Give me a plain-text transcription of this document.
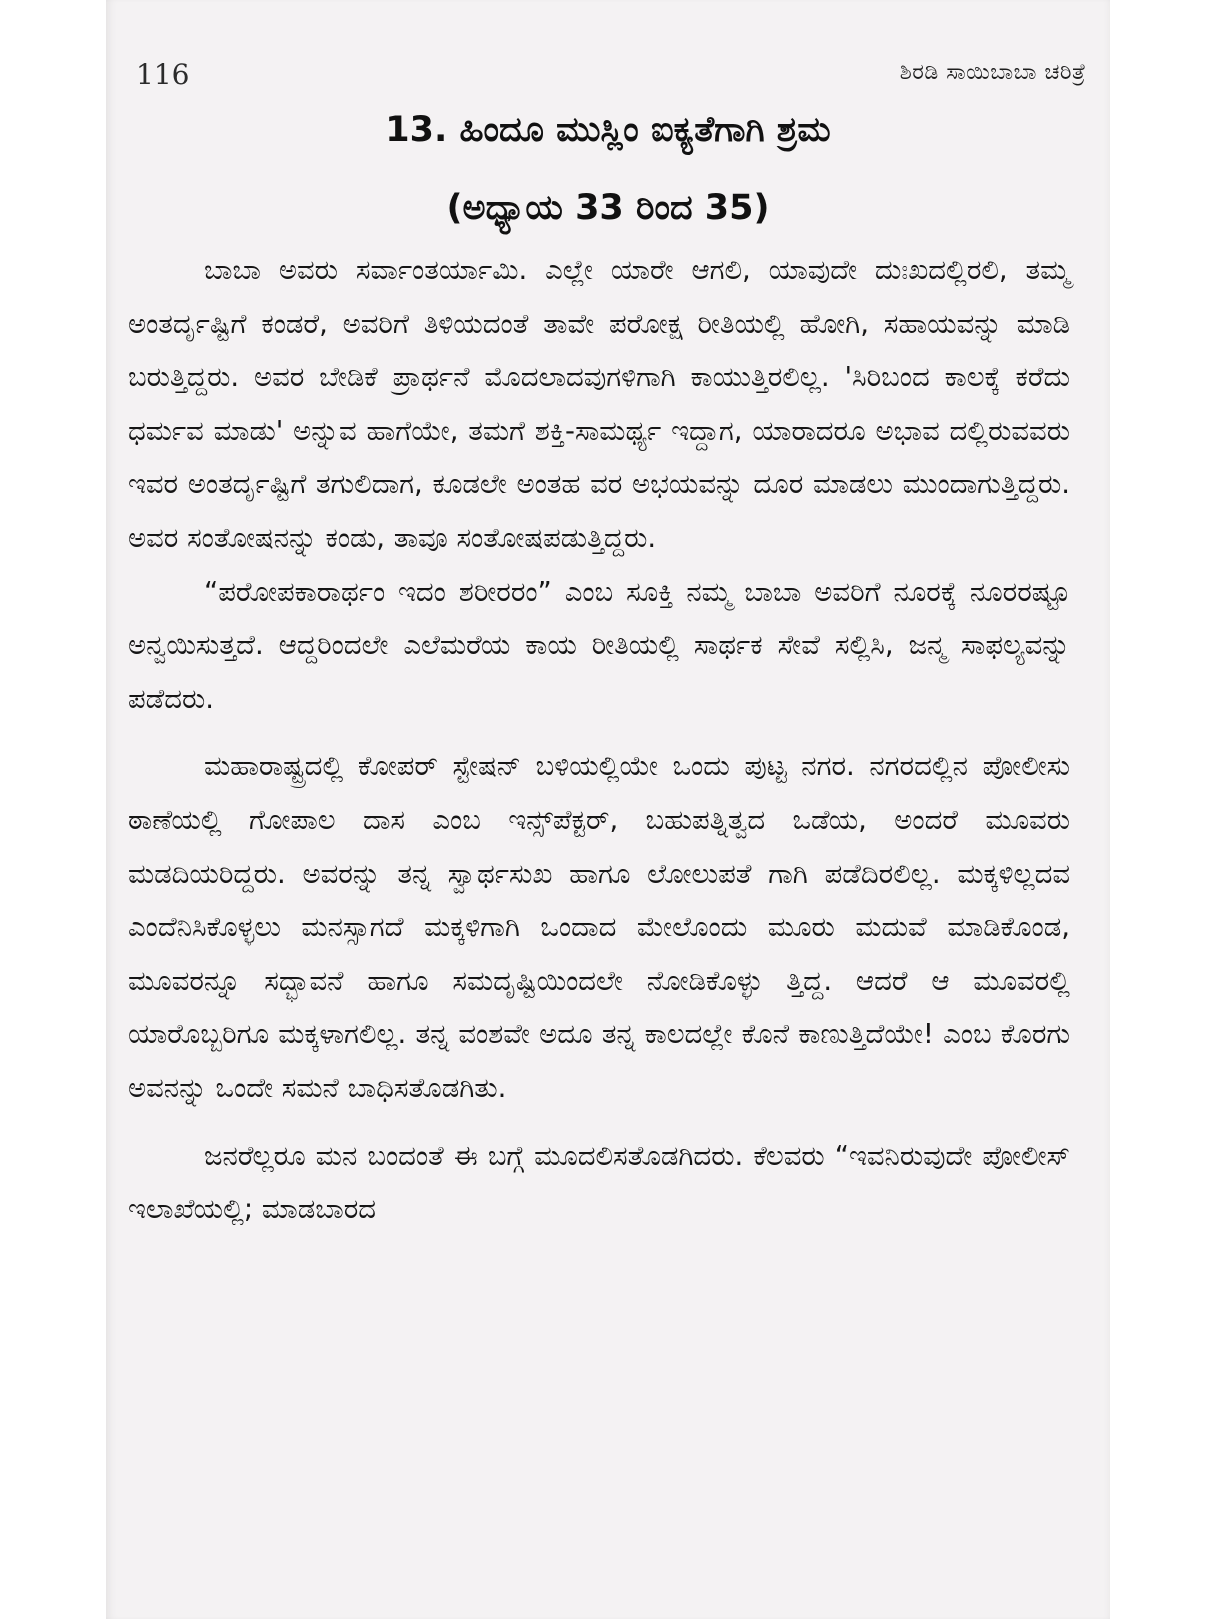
116	ಶಿರಡಿ ಸಾಯಿಬಾಬಾ ಚರಿತ್ರೆ
13. ಹಿಂದೂ ಮುಸ್ಲಿಂ ಐಕ್ಯತೆಗಾಗಿ ಶ್ರಮ
(ಅಧ್ಯಾಯ 33 ರಿಂದ 35)

ಬಾಬಾ ಅವರು ಸರ್ವಾಂತರ್ಯಾಮಿ. ಎಲ್ಲೇ ಯಾರೇ ಆಗಲಿ, ಯಾವುದೇ ದುಃಖದಲ್ಲಿರಲಿ, ತಮ್ಮ ಅಂತರ್ದೃಷ್ಟಿಗೆ ಕಂಡರೆ, ಅವರಿಗೆ ತಿಳಿಯದಂತೆ ತಾವೇ ಪರೋಕ್ಷ ರೀತಿಯಲ್ಲಿ ಹೋಗಿ, ಸಹಾಯವನ್ನು ಮಾಡಿ ಬರುತ್ತಿದ್ದರು. ಅವರ ಬೇಡಿಕೆ ಪ್ರಾರ್ಥನೆ ಮೊದಲಾದವುಗಳಿಗಾಗಿ ಕಾಯುತ್ತಿರಲಿಲ್ಲ. 'ಸಿರಿಬಂದ ಕಾಲಕ್ಕೆ ಕರೆದು ಧರ್ಮವ ಮಾಡು' ಅನ್ನುವ ಹಾಗೆಯೇ, ತಮಗೆ ಶಕ್ತಿ-ಸಾಮರ್ಥ್ಯ ಇದ್ದಾಗ, ಯಾರಾದರೂ ಅಭಾವ ದಲ್ಲಿರುವವರು ಇವರ ಅಂತರ್ದೃಷ್ಟಿಗೆ ತಗುಲಿದಾಗ, ಕೂಡಲೇ ಅಂತಹ ವರ ಅಭಯವನ್ನು ದೂರ ಮಾಡಲು ಮುಂದಾಗುತ್ತಿದ್ದರು. ಅವರ ಸಂತೋಷನನ್ನು ಕಂಡು, ತಾವೂ ಸಂತೋಷಪಡುತ್ತಿದ್ದರು.

“ಪರೋಪಕಾರಾರ್ಥಂ ಇದಂ ಶರೀರರಂ” ಎಂಬ ಸೂಕ್ತಿ ನಮ್ಮ ಬಾಬಾ ಅವರಿಗೆ ನೂರಕ್ಕೆ ನೂರರಷ್ಟೂ ಅನ್ವಯಿಸುತ್ತದೆ. ಆದ್ದರಿಂದಲೇ ಎಲೆಮರೆಯ ಕಾಯ ರೀತಿಯಲ್ಲಿ ಸಾರ್ಥಕ ಸೇವೆ ಸಲ್ಲಿಸಿ, ಜನ್ಮ ಸಾಫಲ್ಯವನ್ನು ಪಡೆದರು.

ಮಹಾರಾಷ್ಟ್ರದಲ್ಲಿ ಕೋಪರ್ ಸ್ಟೇಷನ್ ಬಳಿಯಲ್ಲಿಯೇ ಒಂದು ಪುಟ್ಟ ನಗರ. ನಗರದಲ್ಲಿನ ಪೋಲೀಸು ಠಾಣೆಯಲ್ಲಿ ಗೋಪಾಲ ದಾಸ ಎಂಬ ಇನ್ಸ್‌ಪೆಕ್ಟರ್, ಬಹುಪತ್ನಿತ್ವದ ಒಡೆಯ, ಅಂದರೆ ಮೂವರು ಮಡದಿಯರಿದ್ದರು. ಅವರನ್ನು ತನ್ನ ಸ್ವಾರ್ಥಸುಖ ಹಾಗೂ ಲೋಲುಪತೆ ಗಾಗಿ ಪಡೆದಿರಲಿಲ್ಲ. ಮಕ್ಕಳಿಲ್ಲದವ ಎಂದೆನಿಸಿಕೊಳ್ಳಲು ಮನಸ್ಸಾಗದೆ ಮಕ್ಕಳಿಗಾಗಿ ಒಂದಾದ ಮೇಲೊಂದು ಮೂರು ಮದುವೆ ಮಾಡಿಕೊಂಡ, ಮೂವರನ್ನೂ ಸದ್ಭಾವನೆ ಹಾಗೂ ಸಮದೃಷ್ಟಿಯಿಂದಲೇ ನೋಡಿಕೊಳ್ಳು ತ್ತಿದ್ದ. ಆದರೆ ಆ ಮೂವರಲ್ಲಿ ಯಾರೊಬ್ಬರಿಗೂ ಮಕ್ಕಳಾಗಲಿಲ್ಲ. ತನ್ನ ವಂಶವೇ ಅದೂ ತನ್ನ ಕಾಲದಲ್ಲೇ ಕೊನೆ ಕಾಣುತ್ತಿದೆಯೇ! ಎಂಬ ಕೊರಗು ಅವನನ್ನು ಒಂದೇ ಸಮನೆ ಬಾಧಿಸತೊಡಗಿತು.

ಜನರೆಲ್ಲರೂ ಮನ ಬಂದಂತೆ ಈ ಬಗ್ಗೆ ಮೂದಲಿಸತೊಡಗಿದರು. ಕೆಲವರು “ಇವನಿರುವುದೇ ಪೋಲೀಸ್ ಇಲಾಖೆಯಲ್ಲಿ; ಮಾಡಬಾರದ
